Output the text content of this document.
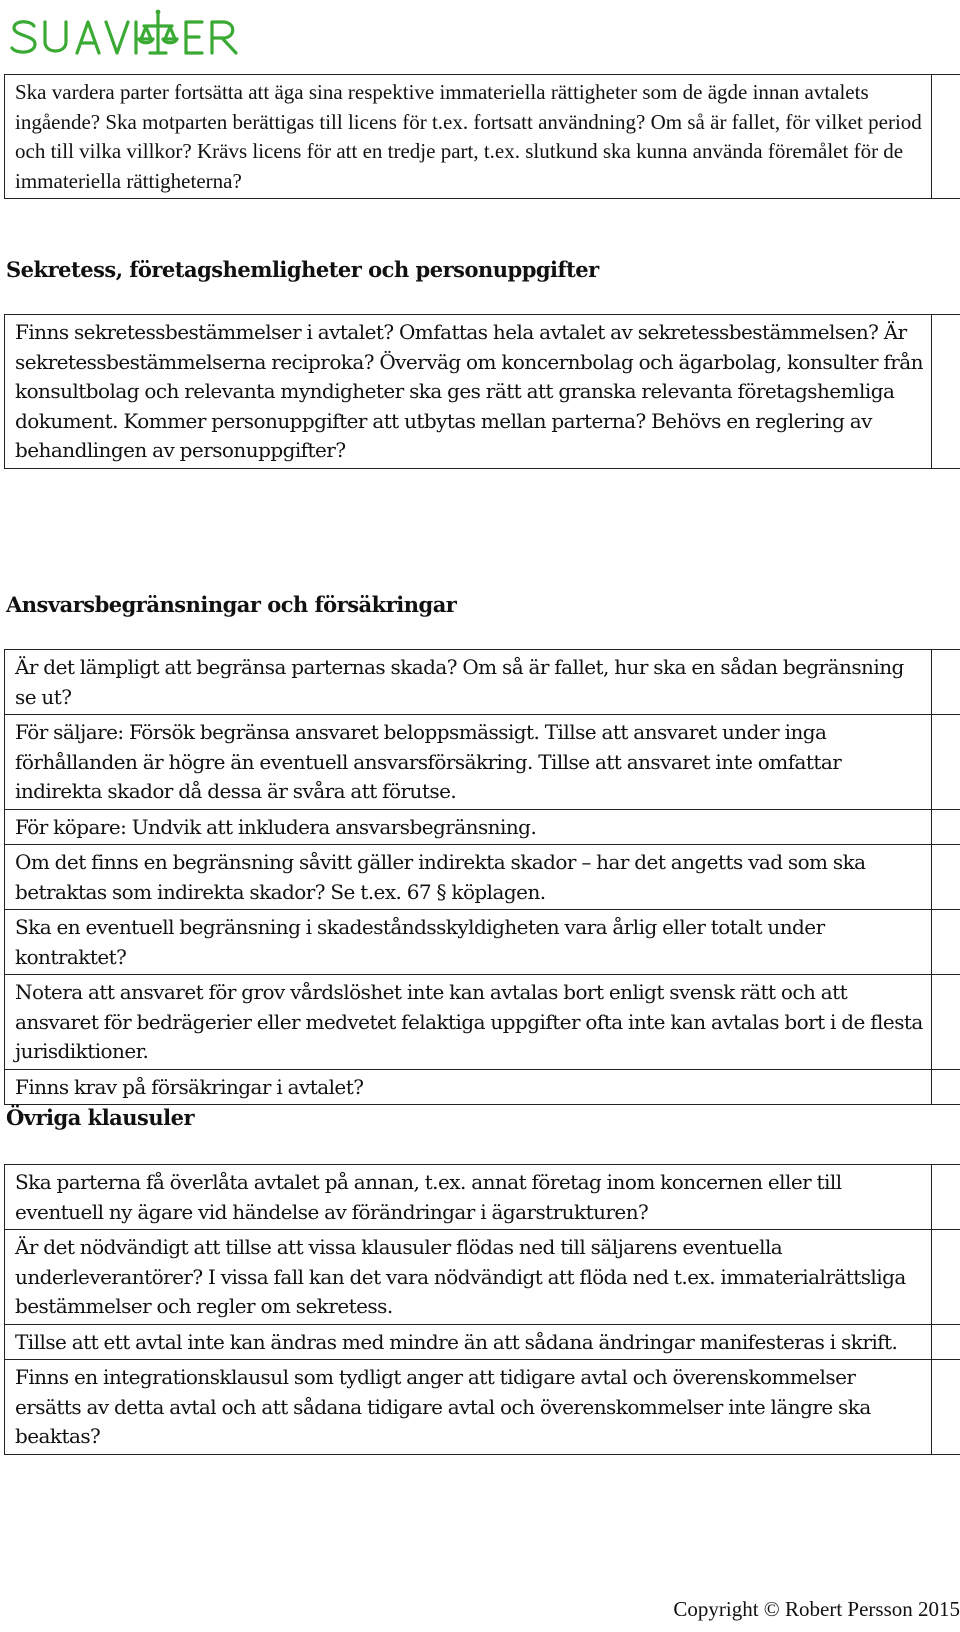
Ska vardera parter fortsätta att äga sina respektive immateriella rättigheter som de ägde innan avtalets ingående? Ska motparten berättigas till licens för t.ex. fortsatt användning? Om så är fallet, för vilket period och till vilka villkor? Krävs licens för att en tredje part, t.ex. slutkund ska kunna använda föremålet för de immateriella rättigheterna?	
Sekretess, företagshemligheter och personuppgifter
Finns sekretessbestämmelser i avtalet? Omfattas hela avtalet av sekretessbestämmelsen? Är sekretessbestämmelserna reciproka? Överväg om koncernbolag och ägarbolag, konsulter från konsultbolag och relevanta myndigheter ska ges rätt att granska relevanta företagshemliga dokument. Kommer personuppgifter att utbytas mellan parterna? Behövs en reglering av behandlingen av personuppgifter?	
Ansvarsbegränsningar och försäkringar
Är det lämpligt att begränsa parternas skada? Om så är fallet, hur ska en sådan begränsning se ut?	
För säljare: Försök begränsa ansvaret beloppsmässigt. Tillse att ansvaret under inga förhållanden är högre än eventuell ansvarsförsäkring. Tillse att ansvaret inte omfattar indirekta skador då dessa är svåra att förutse.	
För köpare: Undvik att inkludera ansvarsbegränsning.	
Om det finns en begränsning såvitt gäller indirekta skador – har det angetts vad som ska betraktas som indirekta skador? Se t.ex. 67 § köplagen.	
Ska en eventuell begränsning i skadeståndsskyldigheten vara årlig eller totalt under kontraktet?	
Notera att ansvaret för grov vårdslöshet inte kan avtalas bort enligt svensk rätt och att ansvaret för bedrägerier eller medvetet felaktiga uppgifter ofta inte kan avtalas bort i de flesta jurisdiktioner.	
Finns krav på försäkringar i avtalet?	
Övriga klausuler
Ska parterna få överlåta avtalet på annan, t.ex. annat företag inom koncernen eller till eventuell ny ägare vid händelse av förändringar i ägarstrukturen?	
Är det nödvändigt att tillse att vissa klausuler flödas ned till säljarens eventuella underleverantörer? I vissa fall kan det vara nödvändigt att flöda ned t.ex. immaterialrättsliga bestämmelser och regler om sekretess.	
Tillse att ett avtal inte kan ändras med mindre än att sådana ändringar manifesteras i skrift.	
Finns en integrationsklausul som tydligt anger att tidigare avtal och överenskommelser ersätts av detta avtal och att sådana tidigare avtal och överenskommelser inte längre ska beaktas?	
Copyright © Robert Persson 2015
